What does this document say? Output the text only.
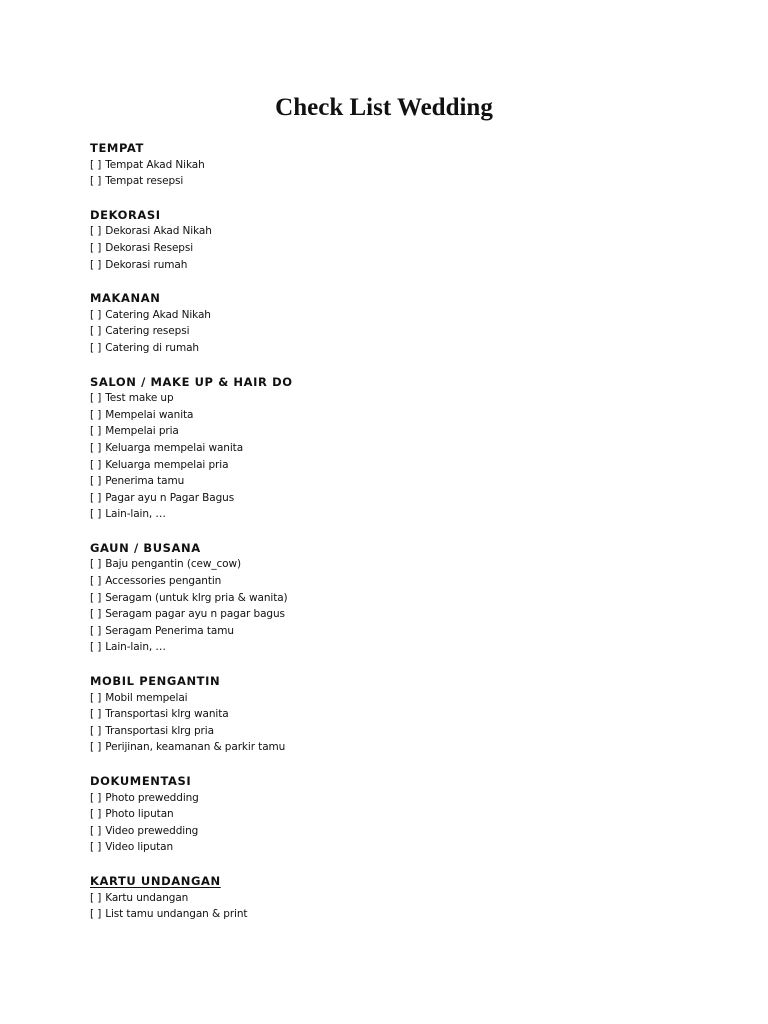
Check List Wedding
TEMPAT
[ ] Tempat Akad Nikah
[ ] Tempat resepsi
DEKORASI
[ ] Dekorasi Akad Nikah
[ ] Dekorasi Resepsi
[ ] Dekorasi rumah
MAKANAN
[ ] Catering Akad Nikah
[ ] Catering resepsi
[ ] Catering di rumah
SALON / MAKE UP & HAIR DO
[ ] Test make up
[ ] Mempelai wanita
[ ] Mempelai pria
[ ] Keluarga mempelai wanita
[ ] Keluarga mempelai pria
[ ] Penerima tamu
[ ] Pagar ayu n Pagar Bagus
[ ] Lain-lain, …
GAUN / BUSANA
[ ] Baju pengantin (cew_cow)
[ ] Accessories pengantin
[ ] Seragam (untuk klrg pria & wanita)
[ ] Seragam pagar ayu n pagar bagus
[ ] Seragam Penerima tamu
[ ] Lain-lain, …
MOBIL PENGANTIN
[ ] Mobil mempelai
[ ] Transportasi klrg wanita
[ ] Transportasi klrg pria
[ ] Perijinan, keamanan & parkir tamu
DOKUMENTASI
[ ] Photo prewedding
[ ] Photo liputan
[ ] Video prewedding
[ ] Video liputan
KARTU UNDANGAN
[ ] Kartu undangan
[ ] List tamu undangan & print
